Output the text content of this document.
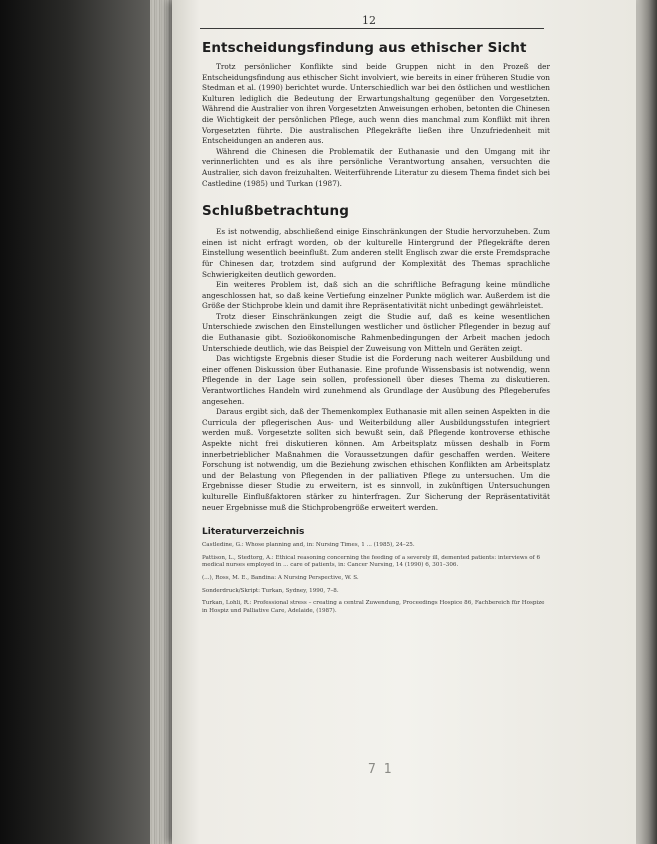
12
Entscheidungsfindung aus ethischer Sicht

Trotz persönlicher Konflikte sind beide Gruppen nicht in den Prozeß der Entscheidungsfindung aus ethischer Sicht involviert, wie bereits in einer früheren Studie von Stedman et al. (1990) berichtet wurde. Unterschiedlich war bei den östlichen und westlichen Kulturen lediglich die Bedeutung der Erwartungshaltung gegenüber den Vorgesetzten. Während die Australier von ihren Vorgesetzten Anweisungen erhoben, betonten die Chinesen die Wichtigkeit der persönlichen Pflege, auch wenn dies manchmal zum Konflikt mit ihren Vorgesetzten führte. Die australischen Pflegekräfte ließen ihre Unzufriedenheit mit Entscheidungen an anderen aus.

Während die Chinesen die Problematik der Euthanasie und den Umgang mit ihr verinnerlichten und es als ihre persönliche Verantwortung ansahen, versuchten die Australier, sich davon freizuhalten. Weiterführende Literatur zu diesem Thema findet sich bei Castledine (1985) und Turkan (1987).

Schlußbetrachtung

Es ist notwendig, abschließend einige Einschränkungen der Studie hervorzuheben. Zum einen ist nicht erfragt worden, ob der kulturelle Hintergrund der Pflegekräfte deren Einstellung wesentlich beeinflußt. Zum anderen stellt Englisch zwar die erste Fremdsprache für Chinesen dar, trotzdem sind aufgrund der Komplexität des Themas sprachliche Schwierigkeiten deutlich geworden.

Ein weiteres Problem ist, daß sich an die schriftliche Befragung keine mündliche angeschlossen hat, so daß keine Vertiefung einzelner Punkte möglich war. Außerdem ist die Größe der Stichprobe klein und damit ihre Repräsentativität nicht unbedingt gewährleistet.

Trotz dieser Einschränkungen zeigt die Studie auf, daß es keine wesentlichen Unterschiede zwischen den Einstellungen westlicher und östlicher Pflegender in bezug auf die Euthanasie gibt. Sozioökonomische Rahmenbedingungen der Arbeit machen jedoch Unterschiede deutlich, wie das Beispiel der Zuweisung von Mitteln und Geräten zeigt.

Das wichtigste Ergebnis dieser Studie ist die Forderung nach weiterer Ausbildung und einer offenen Diskussion über Euthanasie. Eine profunde Wissensbasis ist notwendig, wenn Pflegende in der Lage sein sollen, professionell über dieses Thema zu diskutieren. Verantwortliches Handeln wird zunehmend als Grundlage der Ausübung des Pflegeberufes angesehen.

Daraus ergibt sich, daß der Themenkomplex Euthanasie mit allen seinen Aspekten in die Curricula der pflegerischen Aus- und Weiterbildung aller Ausbildungsstufen integriert werden muß. Vorgesetzte sollten sich bewußt sein, daß Pflegende kontroverse ethische Aspekte nicht frei diskutieren können. Am Arbeitsplatz müssen deshalb in Form innerbetrieblicher Maßnahmen die Voraussetzungen dafür geschaffen werden. Weitere Forschung ist notwendig, um die Beziehung zwischen ethischen Konflikten am Arbeitsplatz und der Belastung von Pflegenden in der palliativen Pflege zu untersuchen. Um die Ergebnisse dieser Studie zu erweitern, ist es sinnvoll, in zukünftigen Untersuchungen kulturelle Einflußfaktoren stärker zu hinterfragen. Zur Sicherung der Repräsentativität neuer Ergebnisse muß die Stichprobengröße erweitert werden.

Literaturverzeichnis

Castledine, G.: Whose planning and, in: Nursing Times, 1 ... (1985), 24–25.

Pattison, L., Stedtorg, A.: Ethical reasoning concerning the feeding of a severely ill, demented patients: interviews of 6 medical nurses employed in ... care of patients, in: Cancer Nursing, 14 (1990) 6, 301–306.

(...), Ross, M. E., Bandina: A Nursing Perspective, W. S.

Sonderdruck/Skript: Turkan, Sydney, 1990, 7–8.

Turkan, Lohli, R.: Professional stress – creating a central Zuwendung, Proceedings Hospice 86, Fachbereich für Hospize in Hospiz und Palliative Care, Adelaide, (1987).

7 1
